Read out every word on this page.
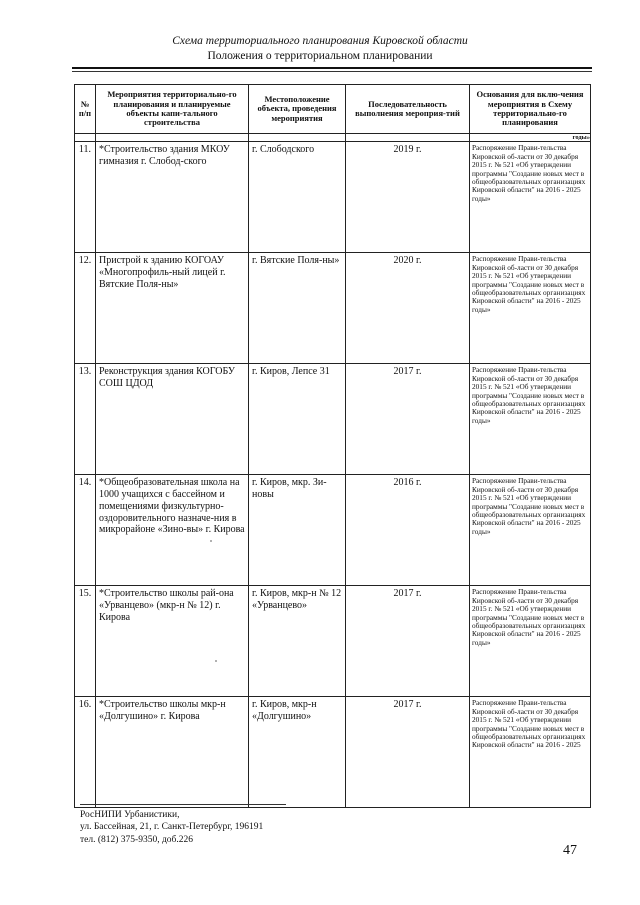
Схема территориального планирования Кировской области
Положения о территориальном планировании
№ п/п	Мероприятия территориально-го планирования и планируемые объекты капи-тального строительства	Местоположение объекта, проведения мероприятия	Последовательность выполнения мероприя-тий	Основания для вклю-чения мероприятия в Схему территориально-го планирования
				годы»
11.	*Строительство здания МКОУ гимназия г. Слобод-ского	г. Слободского	2019 г.	Распоряжение Прави-тельства Кировской об-ласти от 30 декабря 2015 г. № 521 «Об утверждении программы "Создание новых мест в общеобразовательных организациях Кировской области" на 2016 - 2025 годы»
12.	Пристрой к зданию КОГОАУ «Многопрофиль-ный лицей г. Вятские Поля-ны»	г. Вятские Поля-ны»	2020 г.	Распоряжение Прави-тельства Кировской об-ласти от 30 декабря 2015 г. № 521 «Об утверждении программы "Создание новых мест в общеобразовательных организациях Кировской области" на 2016 - 2025 годы»
13.	Реконструкция здания КОГОБУ СОШ ЦДОД	г. Киров, Лепсе 31	2017 г.	Распоряжение Прави-тельства Кировской об-ласти от 30 декабря 2015 г. № 521 «Об утверждении программы "Создание новых мест в общеобразовательных организациях Кировской области" на 2016 - 2025 годы»
14.	*Общеобразовательная школа на 1000 учащихся с бассейном и помещениями физкультурно-оздоровительного назначе-ния в микрорайоне «Зино-вы» г. Кирова	г. Киров, мкр. Зи-новы	2016 г.	Распоряжение Прави-тельства Кировской об-ласти от 30 декабря 2015 г. № 521 «Об утверждении программы "Создание новых мест в общеобразовательных организациях Кировской области" на 2016 - 2025 годы»
15.	*Строительство школы рай-она «Урванцево» (мкр-н № 12) г. Кирова	г. Киров, мкр-н № 12 «Урванцево»	2017 г.	Распоряжение Прави-тельства Кировской об-ласти от 30 декабря 2015 г. № 521 «Об утверждении программы "Создание новых мест в общеобразовательных организациях Кировской области" на 2016 - 2025 годы»
16.	*Строительство школы мкр-н «Долгушино» г. Кирова	г. Киров, мкр-н «Долгушино»	2017 г.	Распоряжение Прави-тельства Кировской об-ласти от 30 декабря 2015 г. № 521 «Об утверждении программы "Создание новых мест в общеобразовательных организациях Кировской области" на 2016 - 2025
РосНИПИ Урбанистики,
ул. Бассейная, 21, г. Санкт-Петербург, 196191
тел. (812) 375-9350, доб.226
47
